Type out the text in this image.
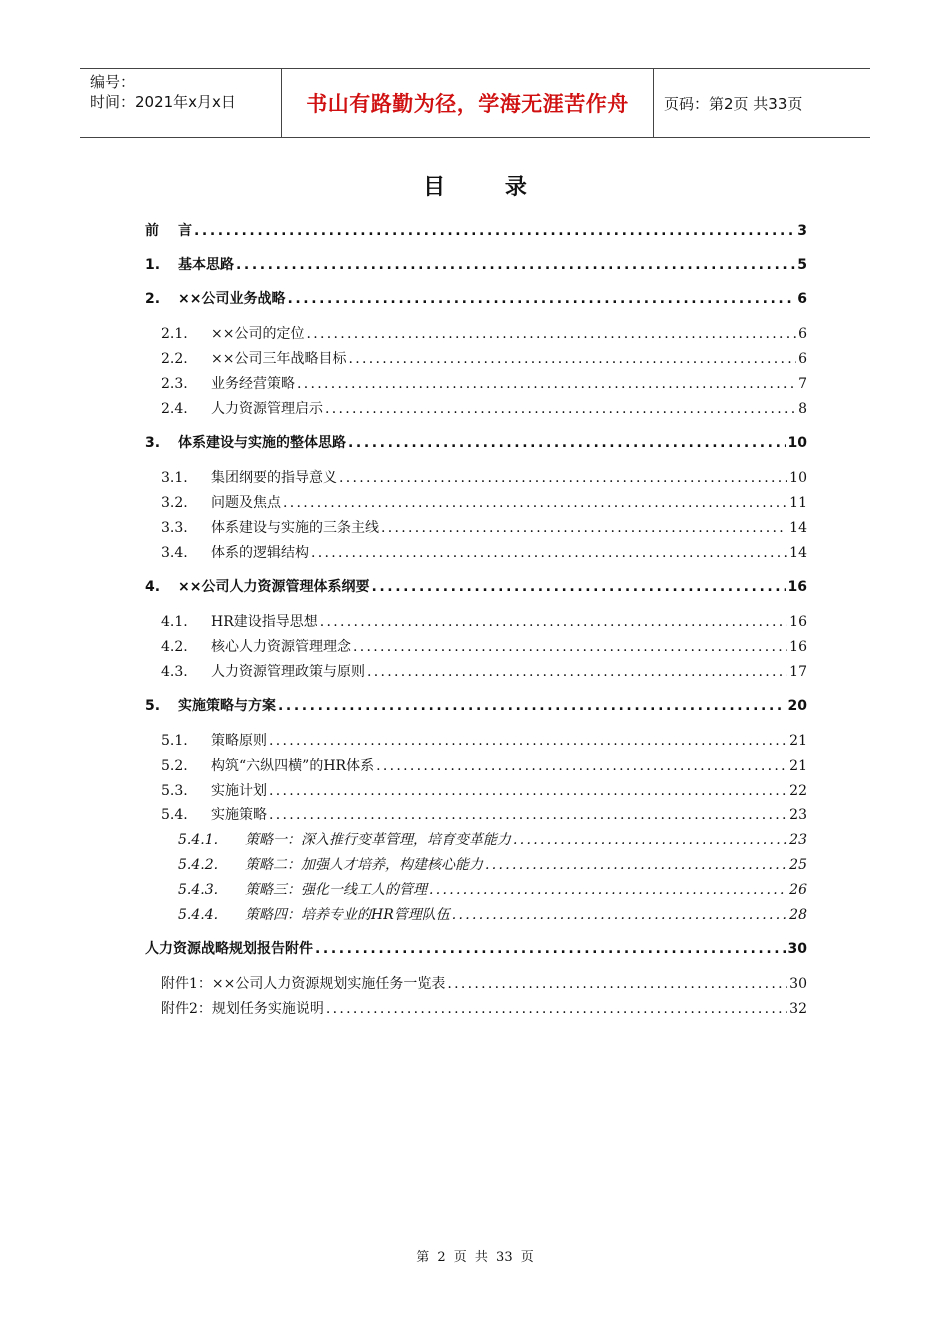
编号：
时间：2021年x月x日	书山有路勤为径，学海无涯苦作舟	页码：第2页 共33页
目 录
前	言 .....	3
1.	基本思路 .....	5
2.	××公司业务战略 .....	6
2.1.	××公司的定位 .....	6
2.2.	××公司三年战略目标 .....	6
2.3.	业务经营策略 .....	7
2.4.	人力资源管理启示 .....	8
3.	体系建设与实施的整体思路 .....	10
3.1.	集团纲要的指导意义 .....	10
3.2.	问题及焦点 .....	11
3.3.	体系建设与实施的三条主线 .....	14
3.4.	体系的逻辑结构 .....	14
4.	××公司人力资源管理体系纲要 .....	16
4.1.	HR建设指导思想 .....	16
4.2.	核心人力资源管理理念 .....	16
4.3.	人力资源管理政策与原则 .....	17
5.	实施策略与方案 .....	20
5.1.	策略原则 .....	21
5.2.	构筑“六纵四横”的HR体系 .....	21
5.3.	实施计划 .....	22
5.4.	实施策略 .....	23
5.4.1.	策略一：深入推行变革管理，培育变革能力 .....	23
5.4.2.	策略二：加强人才培养，构建核心能力 .....	25
5.4.3.	策略三：强化一线工人的管理 .....	26
5.4.4.	策略四：培养专业的HR管理队伍 .....	28
人力资源战略规划报告附件 .....	30
附件1：××公司人力资源规划实施任务一览表 .....	30
附件2：规划任务实施说明 .....	32
第 2 页 共 33 页
